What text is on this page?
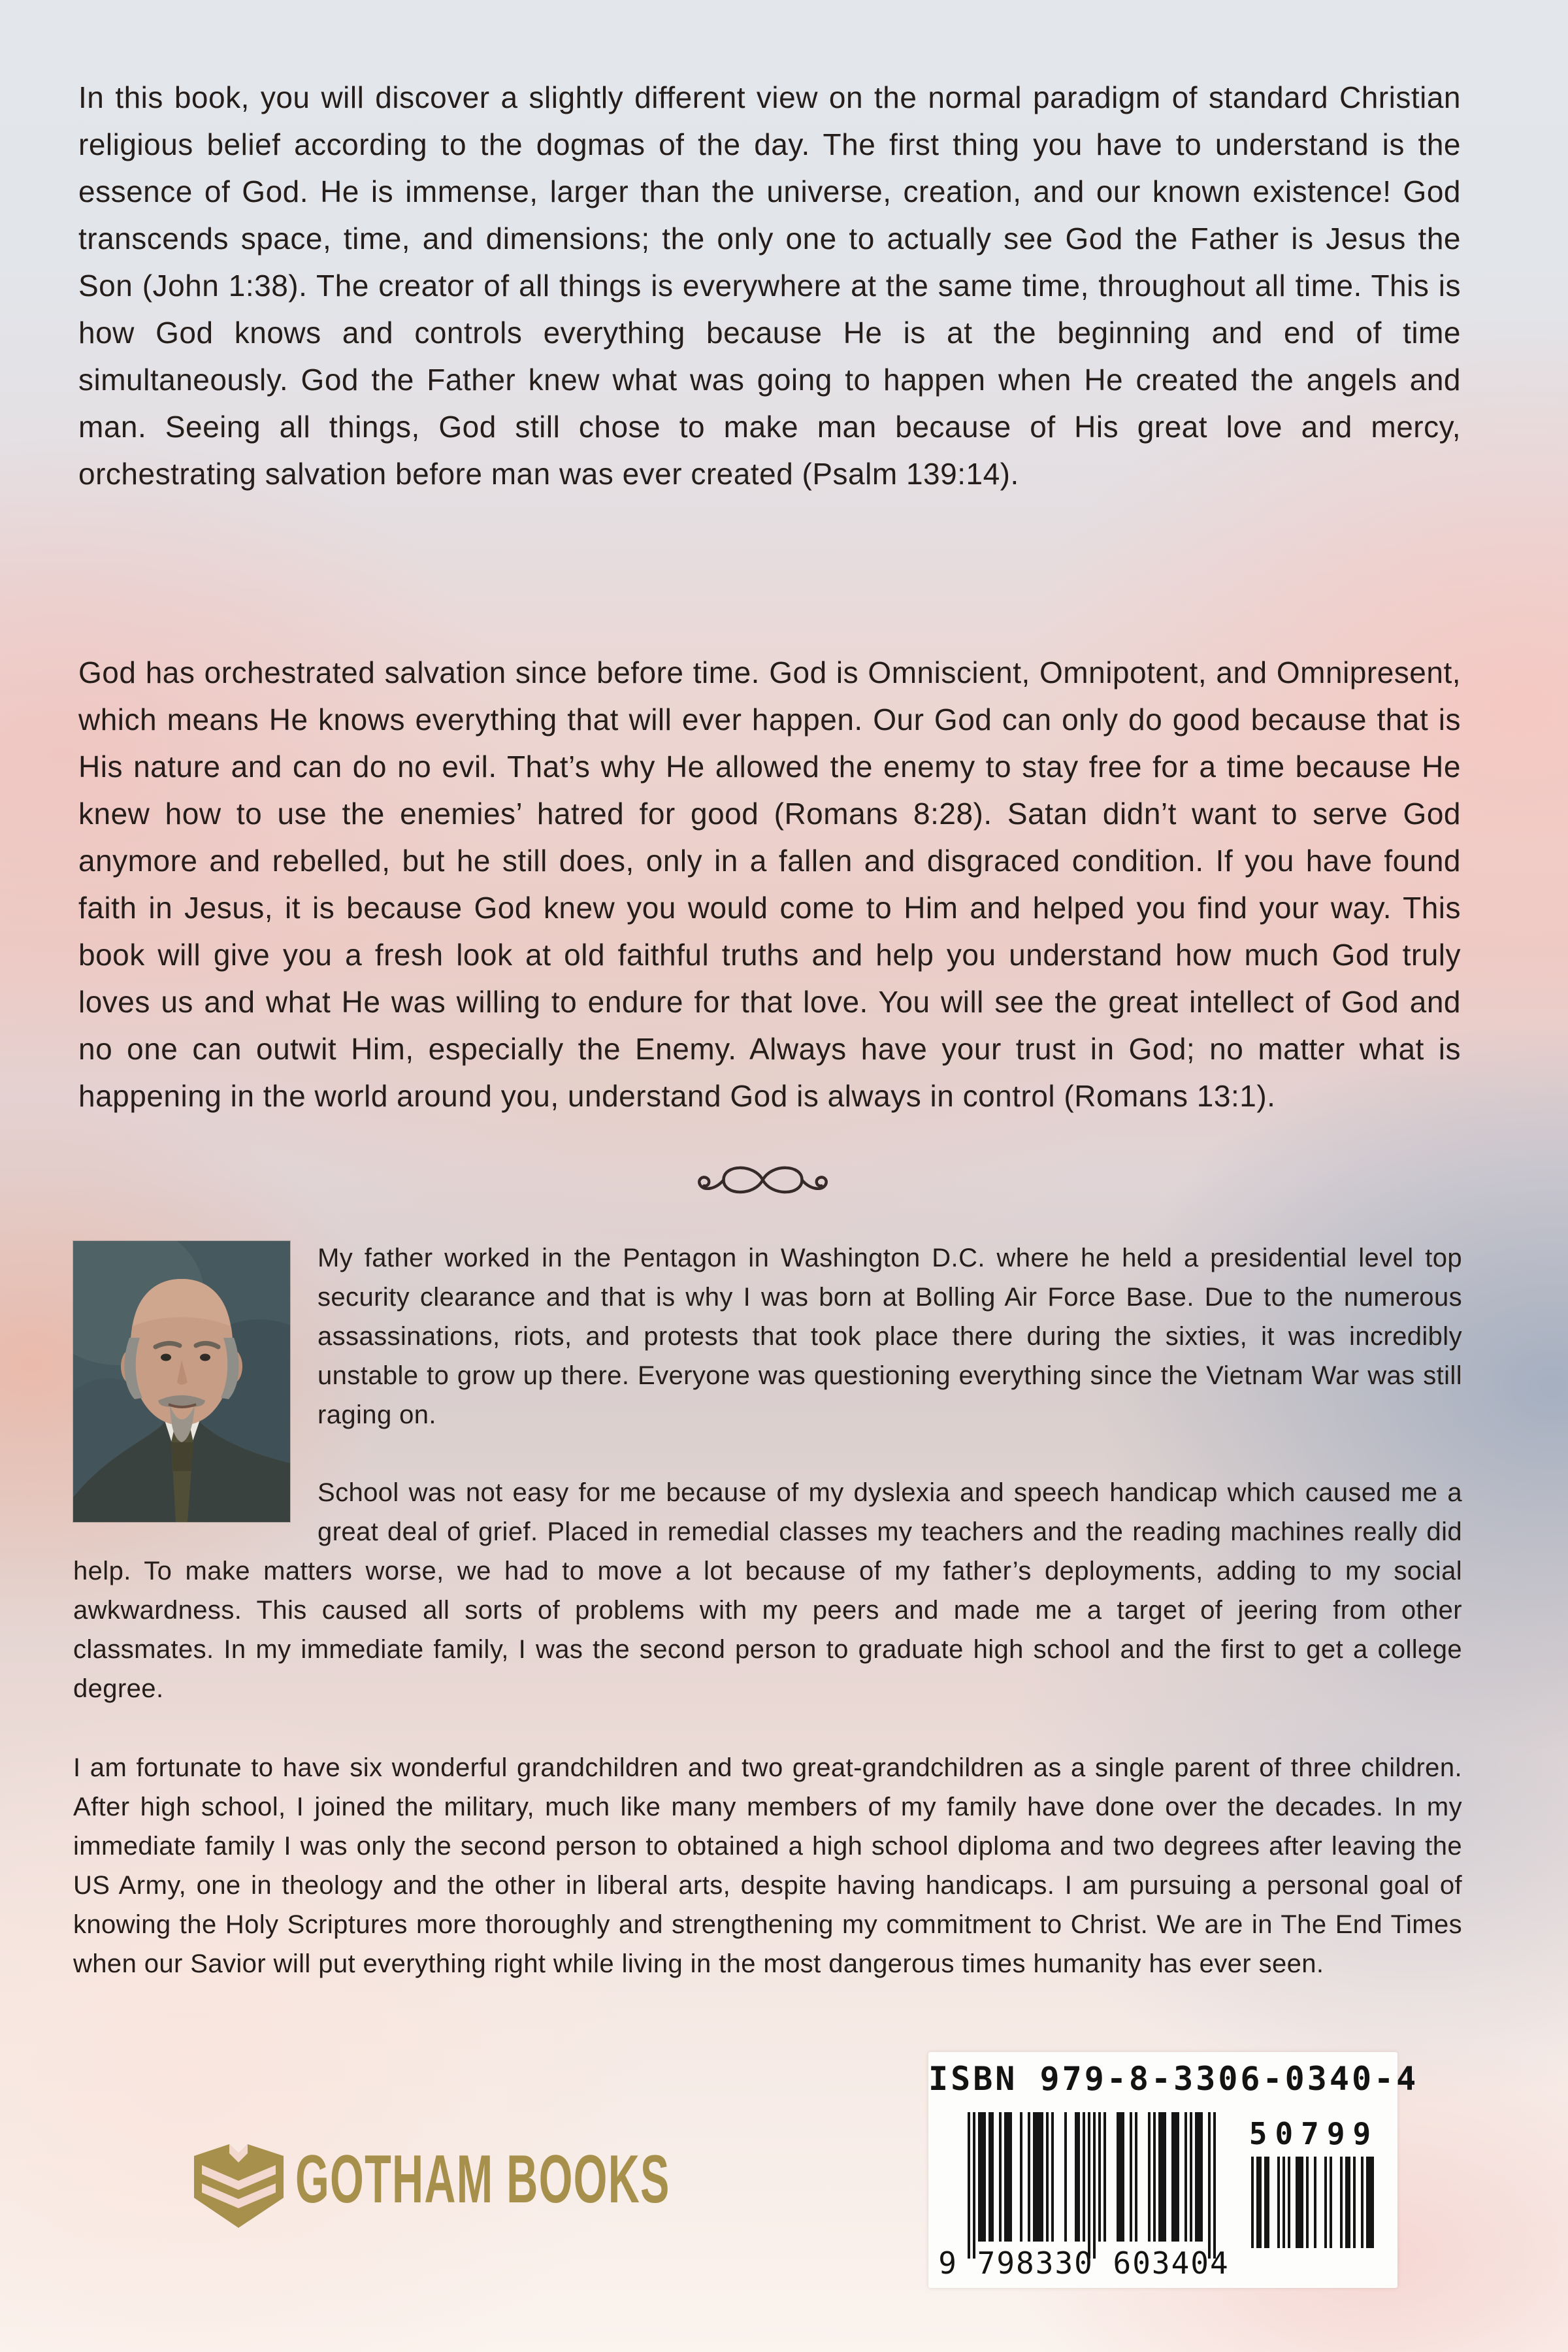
In this book, you will discover a slightly different view on the normal paradigm of standard Christian religious belief according to the dogmas of the day. The first thing you have to understand is the essence of God. He is immense, larger than the universe, creation, and our known existence! God transcends space, time, and dimensions; the only one to actually see God the Father is Jesus the Son (John 1:38). The creator of all things is everywhere at the same time, throughout all time. This is how God knows and controls everything because He is at the beginning and end of time simultaneously. God the Father knew what was going to happen when He created the angels and man. Seeing all things, God still chose to make man because of His great love and mercy, orchestrating salvation before man was ever created (Psalm 139:14).

God has orchestrated salvation since before time. God is Omniscient, Omnipotent, and Omnipresent, which means He knows everything that will ever happen. Our God can only do good because that is His nature and can do no evil. That’s why He allowed the enemy to stay free for a time because He knew how to use the enemies’ hatred for good (Romans 8:28). Satan didn’t want to serve God anymore and rebelled, but he still does, only in a fallen and disgraced condition. If you have found faith in Jesus, it is because God knew you would come to Him and helped you find your way. This book will give you a fresh look at old faithful truths and help you understand how much God truly loves us and what He was willing to endure for that love. You will see the great intellect of God and no one can outwit Him, especially the Enemy. Always have your trust in God; no matter what is happening in the world around you, understand God is always in control (Romans 13:1).

My father worked in the Pentagon in Washington D.C. where he held a presidential level top security clearance and that is why I was born at Bolling Air Force Base. Due to the numerous assassinations, riots, and protests that took place there during the sixties, it was incredibly unstable to grow up there. Everyone was questioning everything since the Vietnam War was still raging on.

School was not easy for me because of my dyslexia and speech handicap which caused me a great deal of grief. Placed in remedial classes my teachers and the reading machines really did help. To make matters worse, we had to move a lot because of my father’s deployments, adding to my social awkwardness. This caused all sorts of problems with my peers and made me a target of jeering from other classmates. In my immediate family, I was the second person to graduate high school and the first to get a college degree.

I am fortunate to have six wonderful grandchildren and two great-grandchildren as a single parent of three children. After high school, I joined the military, much like many members of my family have done over the decades. In my immediate family I was only the second person to obtained a high school diploma and two degrees after leaving the US Army, one in theology and the other in liberal arts, despite having handicaps. I am pursuing a personal goal of knowing the Holy Scriptures more thoroughly and strengthening my commitment to Christ. We are in The End Times when our Savior will put everything right while living in the most dangerous times humanity has ever seen.

ISBN 979-8-3306-0340-4
9 798330 603404
50799
GOTHAM BOOKS
